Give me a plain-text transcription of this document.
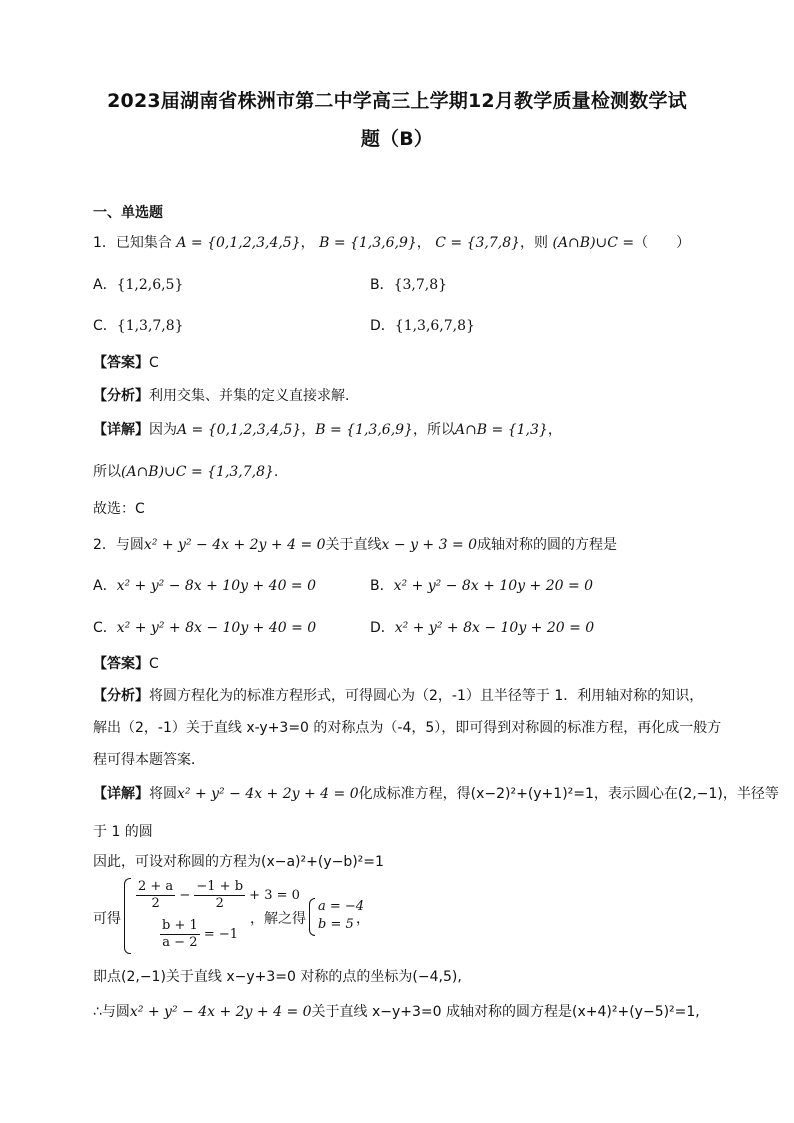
2023届湖南省株洲市第二中学高三上学期12月教学质量检测数学试
题（B）
一、单选题
1．已知集合 A = {0,1,2,3,4,5}， B = {1,3,6,9}， C = {3,7,8}，则 (A∩B)∪C =（　　）
A．{1,2,6,5}	B．{3,7,8}
C．{1,3,7,8}	D．{1,3,6,7,8}
【答案】C
【分析】利用交集、并集的定义直接求解.
【详解】因为A = {0,1,2,3,4,5}，B = {1,3,6,9}，所以A∩B = {1,3}，
所以(A∩B)∪C = {1,3,7,8}.
故选：C
2．与圆x² + y² − 4x + 2y + 4 = 0关于直线x − y + 3 = 0成轴对称的圆的方程是
A．x² + y² − 8x + 10y + 40 = 0	B．x² + y² − 8x + 10y + 20 = 0
C．x² + y² + 8x − 10y + 40 = 0	D．x² + y² + 8x − 10y + 20 = 0
【答案】C
【分析】将圆方程化为的标准方程形式，可得圆心为（2，-1）且半径等于 1．利用轴对称的知识，
解出（2，-1）关于直线 x-y+3=0 的对称点为（-4，5），即可得到对称圆的标准方程，再化成一般方
程可得本题答案．
【详解】将圆x² + y² − 4x + 2y + 4 = 0化成标准方程，得(x−2)²+(y+1)²=1，表示圆心在(2,−1)，半径等
于 1 的圆
因此，可设对称圆的方程为(x−a)²+(y−b)²=1
可得
$\frac{2 + a}{2} - \frac{-1 + b}{2} + 3 = 0$
$\frac{b + 1}{a - 2} = -1$
，解之得
a = −4
b = 5 ，
即点(2,−1)关于直线 x−y+3=0 对称的点的坐标为(−4,5),
∴与圆x² + y² − 4x + 2y + 4 = 0关于直线 x−y+3=0 成轴对称的圆方程是(x+4)²+(y−5)²=1,
